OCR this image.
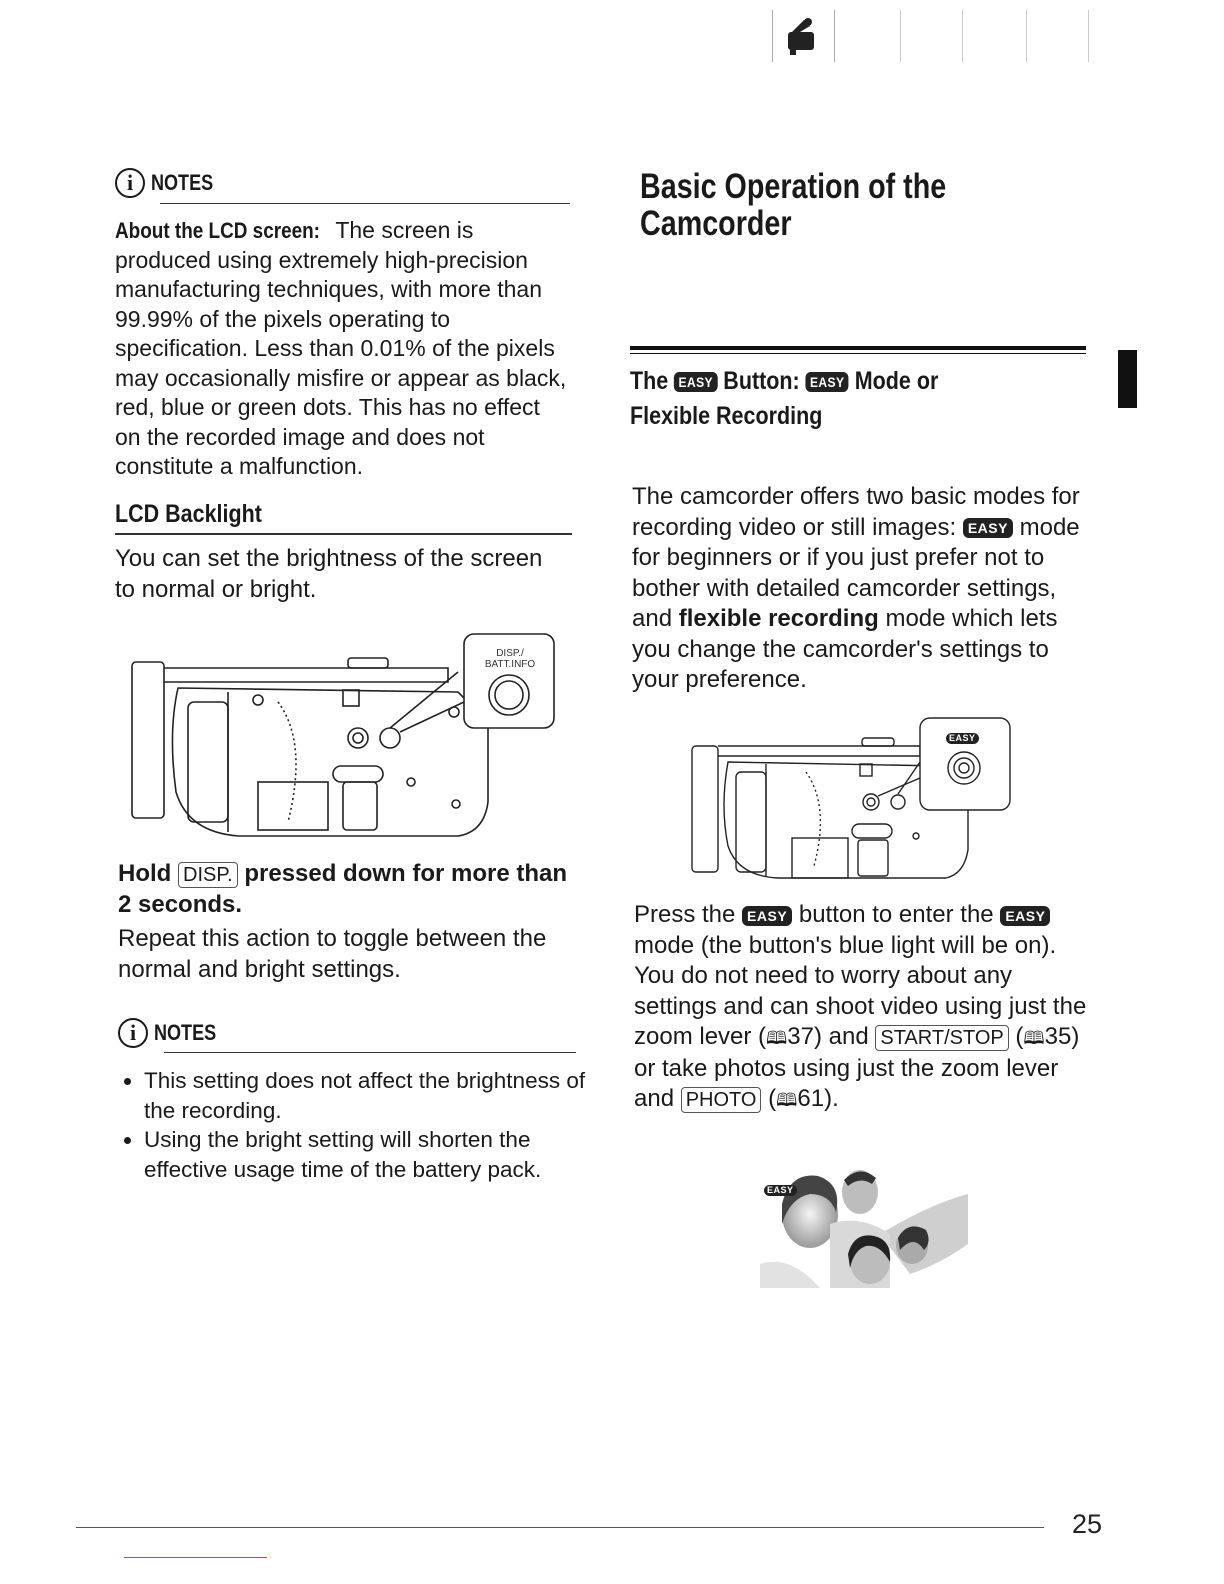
i NOTES
About the LCD screen: The screen is produced using extremely high-precision manufacturing techniques, with more than 99.99% of the pixels operating to specification. Less than 0.01% of the pixels may occasionally misfire or appear as black, red, blue or green dots. This has no effect on the recorded image and does not constitute a malfunction.
LCD Backlight
You can set the brightness of the screen to normal or bright.
DISP./ BATT.INFO
Hold DISP. pressed down for more than 2 seconds.
Repeat this action to toggle between the normal and bright settings.
i NOTES
• This setting does not affect the brightness of the recording.
• Using the bright setting will shorten the effective usage time of the battery pack.
Basic Operation of the
Camcorder
The EASY Button: EASY Mode or
Flexible Recording
The camcorder offers two basic modes for recording video or still images: EASY mode for beginners or if you just prefer not to bother with detailed camcorder settings, and flexible recording mode which lets you change the camcorder's settings to your preference.
EASY
Press the EASY button to enter the EASY mode (the button's blue light will be on). You do not need to worry about any settings and can shoot video using just the zoom lever (🕮37) and START/STOP (🕮35) or take photos using just the zoom lever and PHOTO (🕮61).
EASY
25
